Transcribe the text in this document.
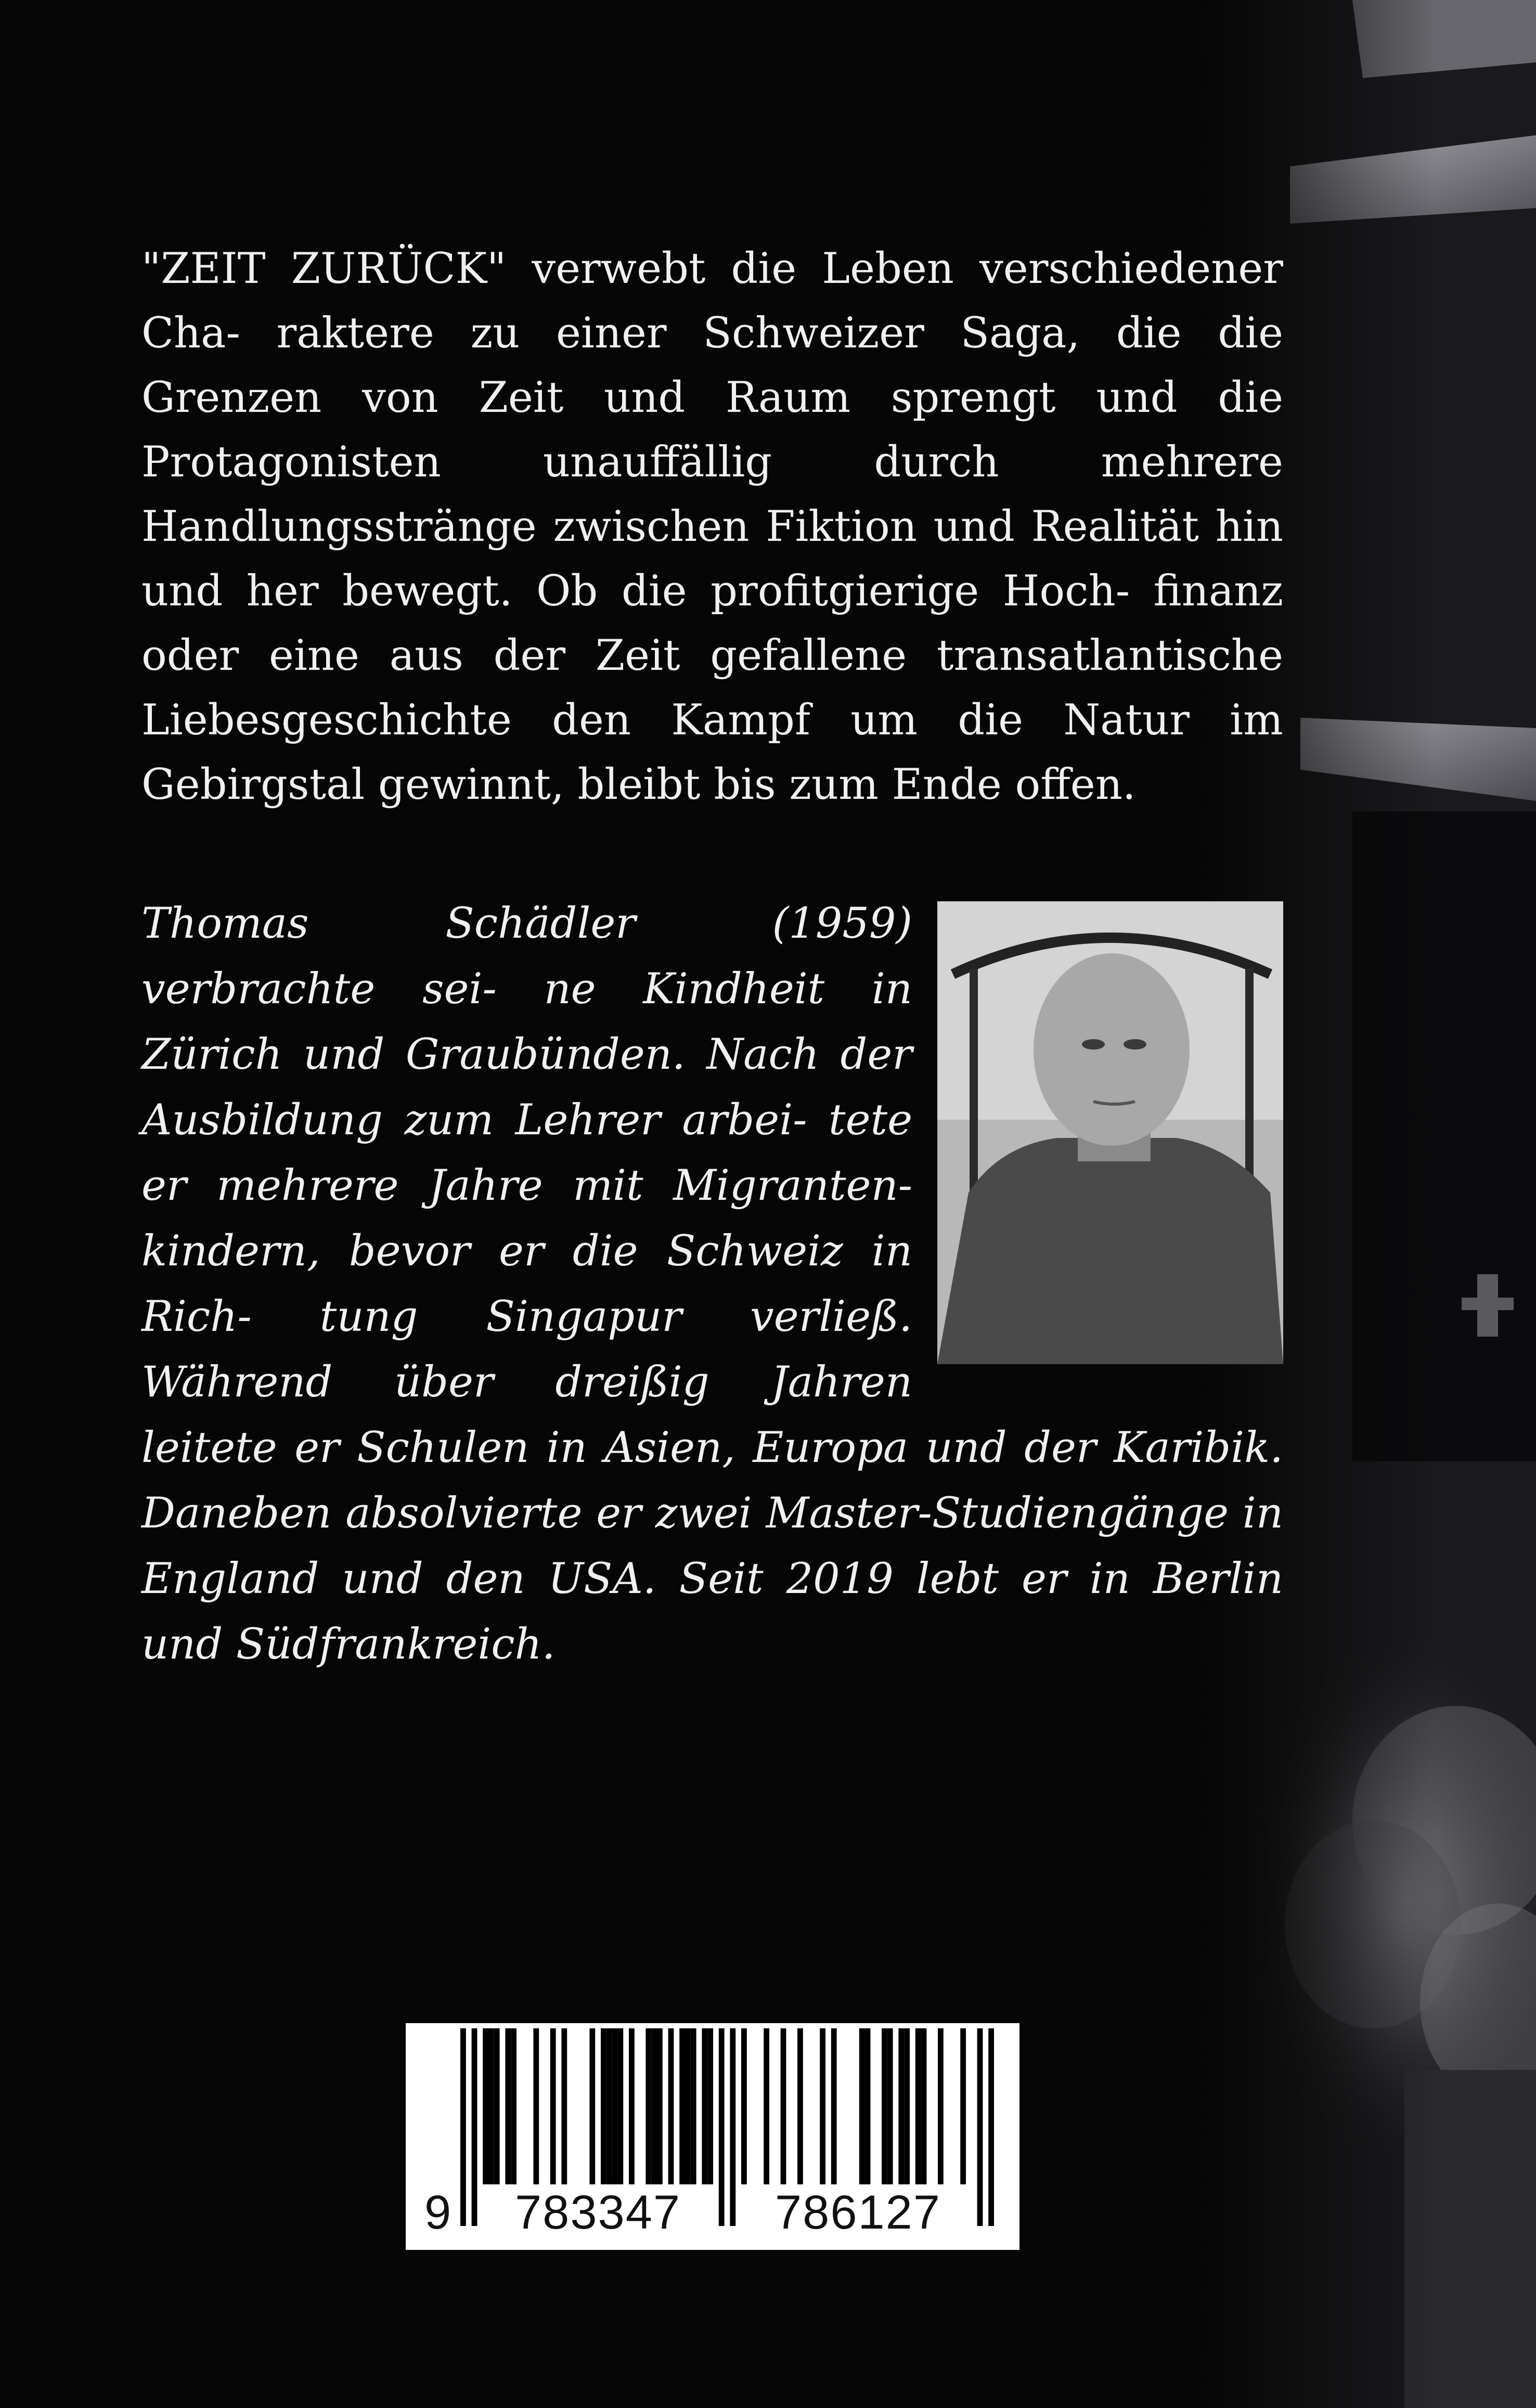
"ZEIT ZURÜCK" verwebt die Leben verschiedener Cha- raktere zu einer Schweizer Saga, die die Grenzen von Zeit und Raum sprengt und die Protagonisten unauffällig durch mehrere Handlungsstränge zwischen Fiktion und Realität hin und her bewegt. Ob die profitgierige Hoch- finanz oder eine aus der Zeit gefallene transatlantische Liebesgeschichte den Kampf um die Natur im Gebirgstal gewinnt, bleibt bis zum Ende offen.

Thomas Schädler (1959) verbrachte sei- ne Kindheit in Zürich und Graubünden. Nach der Ausbildung zum Lehrer arbei- tete er mehrere Jahre mit Migranten- kindern, bevor er die Schweiz in Rich- tung Singapur verließ. Während über dreißig Jahren leitete er Schulen in Asien, Europa und der Karibik. Daneben absolvierte er zwei Master-Studiengänge in England und den USA. Seit 2019 lebt er in Berlin und Südfrankreich.
9 783347 786127
